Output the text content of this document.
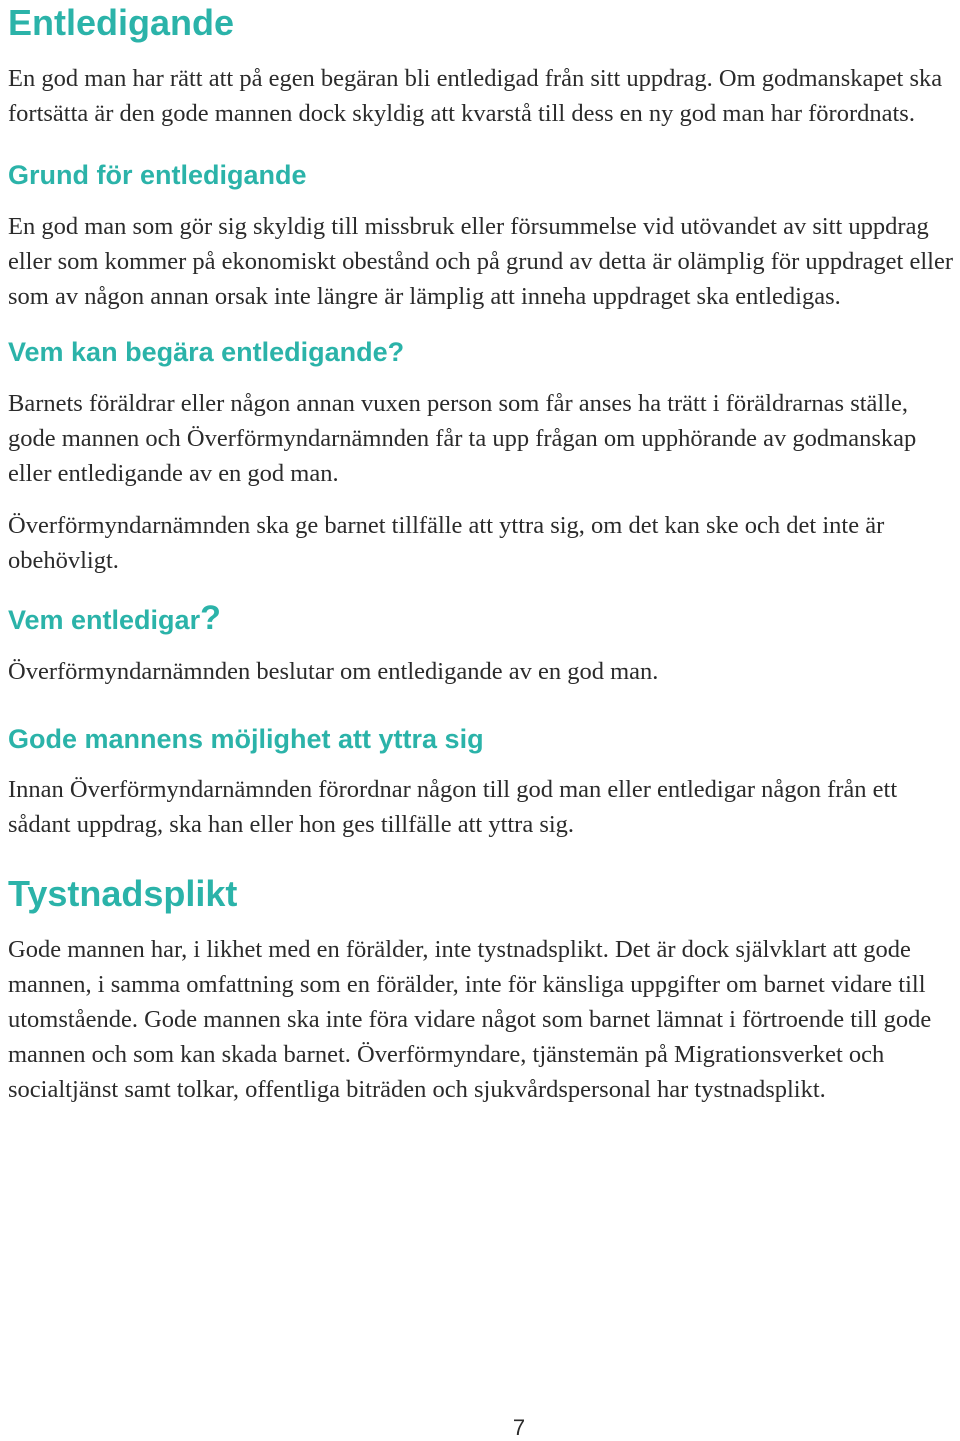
Entledigande

En god man har rätt att på egen begäran bli entledigad från sitt uppdrag. Om godmanskapet ska fortsätta är den gode mannen dock skyldig att kvarstå till dess en ny god man har förordnats.

Grund för entledigande

En god man som gör sig skyldig till missbruk eller försummelse vid utövandet av sitt uppdrag eller som kommer på ekonomiskt obestånd och på grund av detta är olämplig för uppdraget eller som av någon annan orsak inte längre är lämplig att inneha uppdraget ska entledigas.

Vem kan begära entledigande?

Barnets föräldrar eller någon annan vuxen person som får anses ha trätt i föräldrarnas ställe, gode mannen och Överförmyndarnämnden får ta upp frågan om upphörande av godmanskap eller entledigande av en god man.

Överförmyndarnämnden ska ge barnet tillfälle att yttra sig, om det kan ske och det inte är obehövligt.

Vem entledigar?

Överförmyndarnämnden beslutar om entledigande av en god man.

Gode mannens möjlighet att yttra sig

Innan Överförmyndarnämnden förordnar någon till god man eller entledigar någon från ett sådant uppdrag, ska han eller hon ges tillfälle att yttra sig.

Tystnadsplikt

Gode mannen har, i likhet med en förälder, inte tystnadsplikt. Det är dock självklart att gode mannen, i samma omfattning som en förälder, inte för känsliga uppgifter om barnet vidare till utomstående. Gode mannen ska inte föra vidare något som barnet lämnat i förtroende till gode mannen och som kan skada barnet. Överförmyndare, tjänstemän på Migrationsverket och socialtjänst samt tolkar, offentliga biträden och sjukvårdspersonal har tystnadsplikt.

7
